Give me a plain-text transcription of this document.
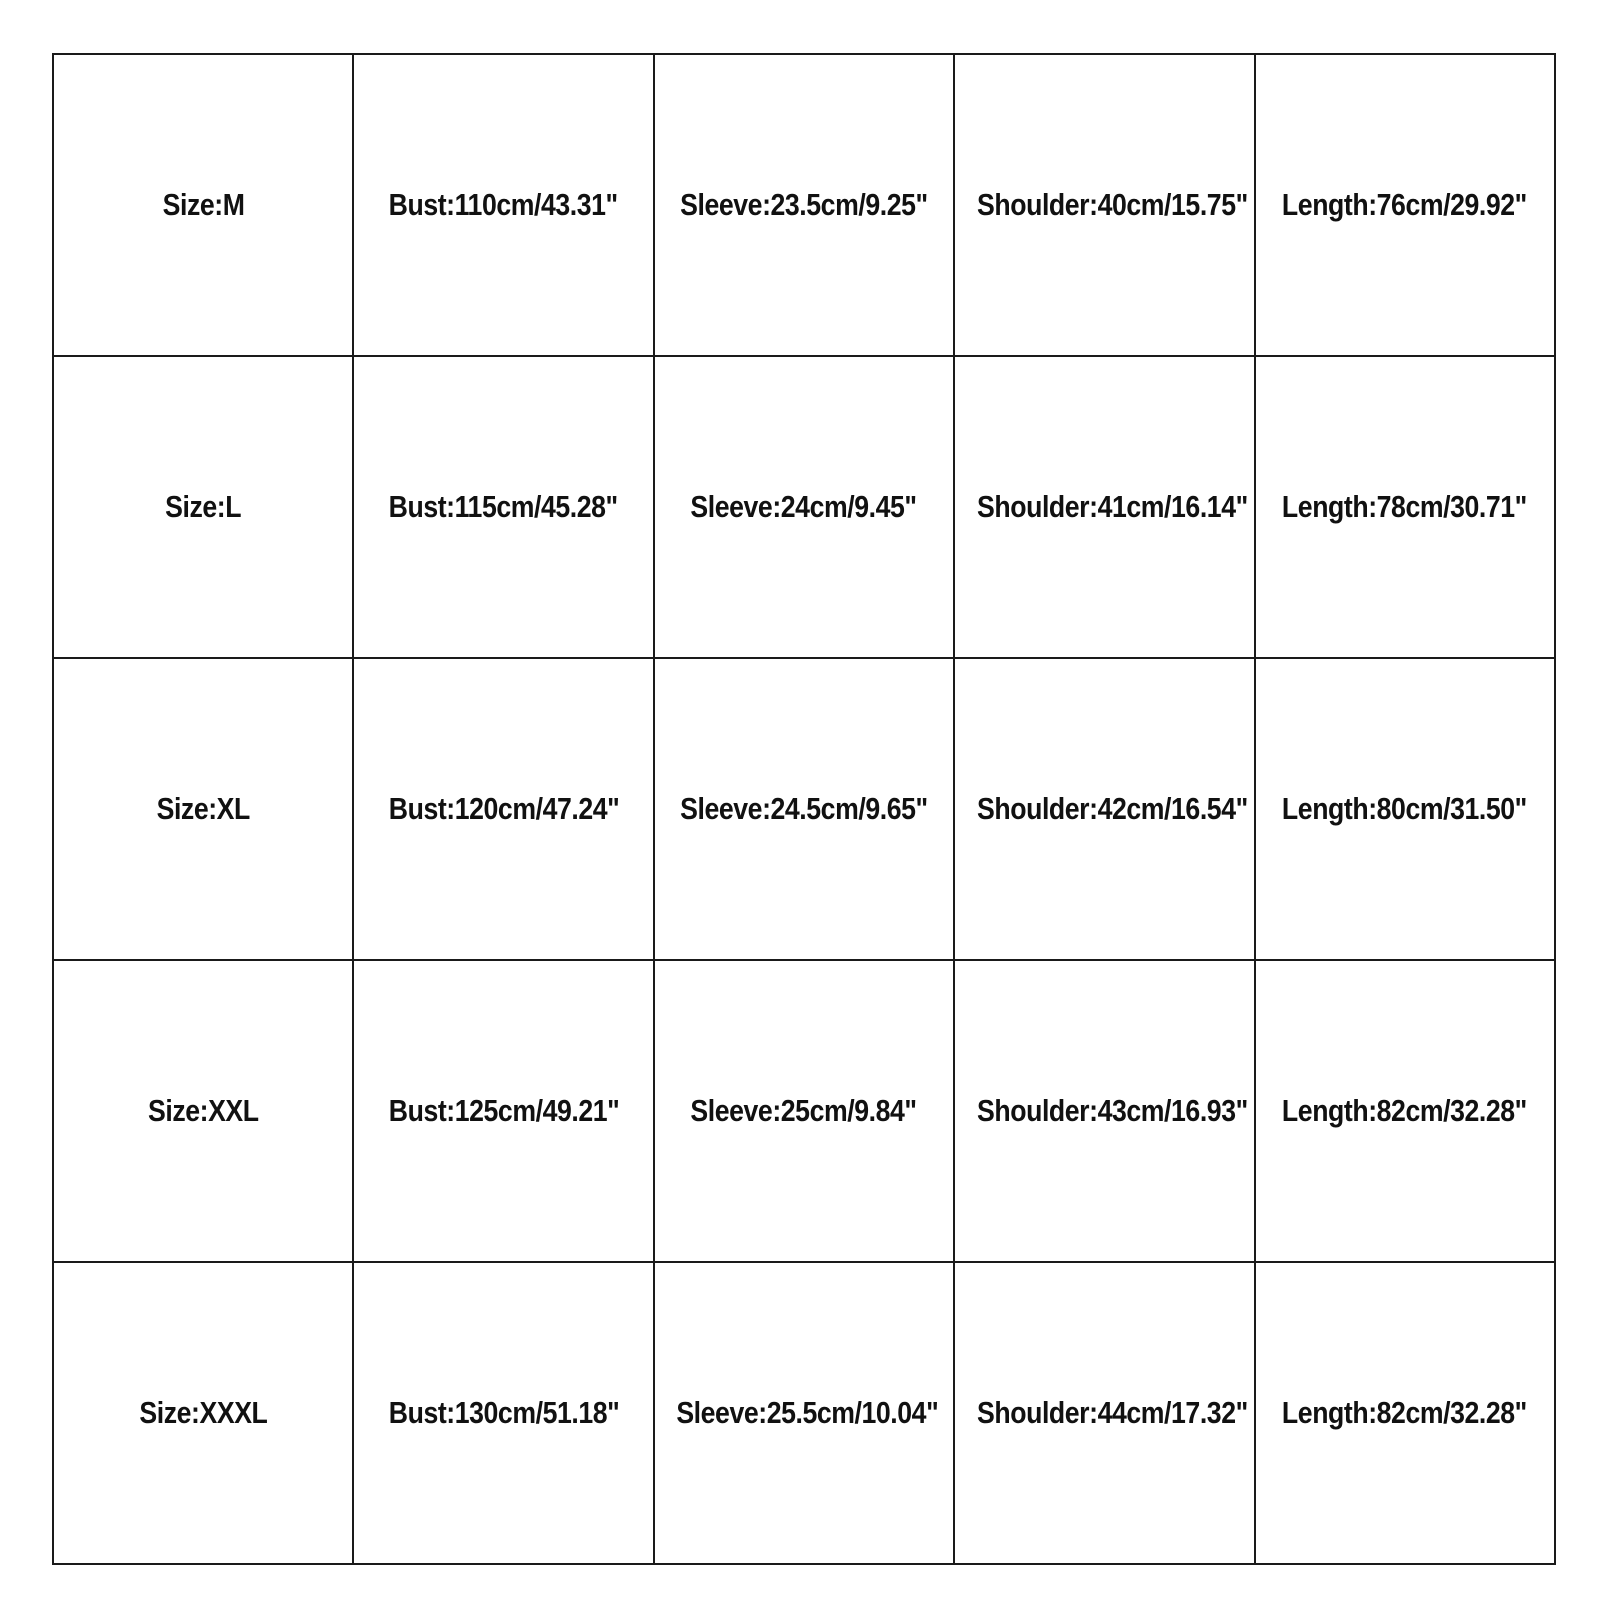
Size:M	Bust:110cm/43.31"	Sleeve:23.5cm/9.25"	Shoulder:40cm/15.75"	Length:76cm/29.92"
Size:L	Bust:115cm/45.28"	Sleeve:24cm/9.45"	Shoulder:41cm/16.14"	Length:78cm/30.71"
Size:XL	Bust:120cm/47.24"	Sleeve:24.5cm/9.65"	Shoulder:42cm/16.54"	Length:80cm/31.50"
Size:XXL	Bust:125cm/49.21"	Sleeve:25cm/9.84"	Shoulder:43cm/16.93"	Length:82cm/32.28"
Size:XXXL	Bust:130cm/51.18"	Sleeve:25.5cm/10.04"	Shoulder:44cm/17.32"	Length:82cm/32.28"
